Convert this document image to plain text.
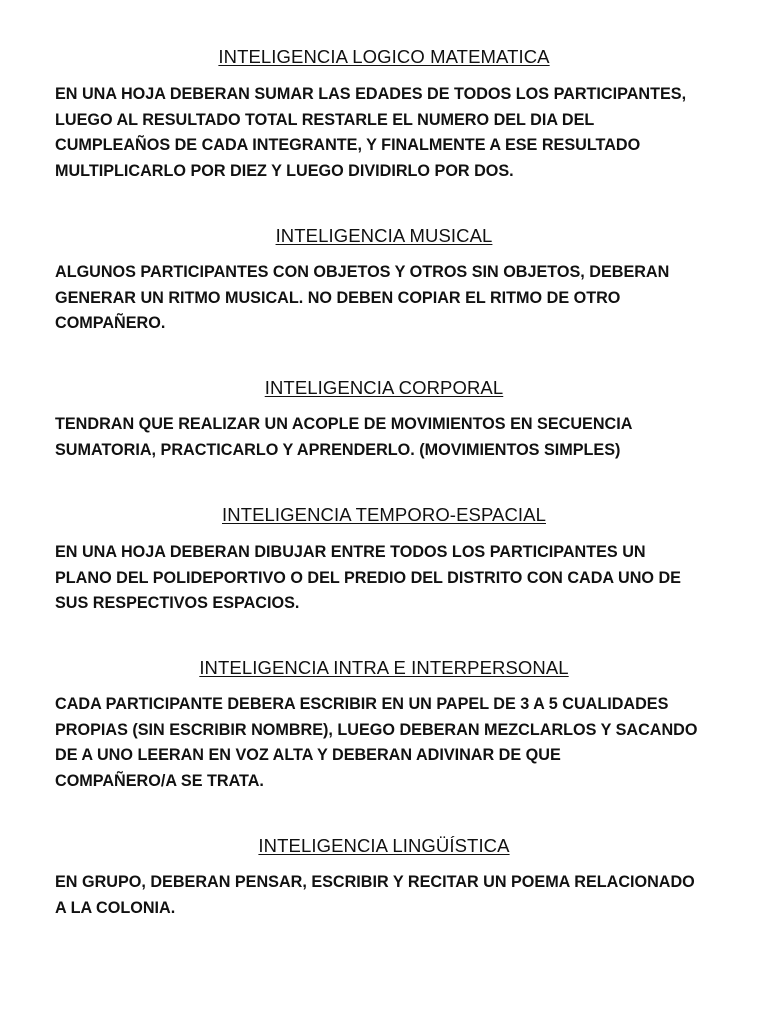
INTELIGENCIA LOGICO MATEMATICA
EN UNA HOJA DEBERAN SUMAR LAS EDADES DE TODOS LOS PARTICIPANTES,
LUEGO AL RESULTADO TOTAL RESTARLE EL NUMERO DEL DIA DEL
CUMPLEAÑOS DE CADA INTEGRANTE, Y FINALMENTE A ESE RESULTADO
MULTIPLICARLO POR DIEZ Y LUEGO DIVIDIRLO POR DOS.
INTELIGENCIA MUSICAL
ALGUNOS PARTICIPANTES CON OBJETOS Y OTROS SIN OBJETOS, DEBERAN
GENERAR UN RITMO MUSICAL. NO DEBEN COPIAR EL RITMO DE OTRO
COMPAÑERO.
INTELIGENCIA CORPORAL
TENDRAN QUE REALIZAR UN ACOPLE DE MOVIMIENTOS EN SECUENCIA
SUMATORIA, PRACTICARLO Y APRENDERLO. (MOVIMIENTOS SIMPLES)
INTELIGENCIA TEMPORO-ESPACIAL
EN UNA HOJA DEBERAN DIBUJAR ENTRE TODOS LOS PARTICIPANTES UN
PLANO DEL POLIDEPORTIVO O DEL PREDIO DEL DISTRITO CON CADA UNO DE
SUS RESPECTIVOS ESPACIOS.
INTELIGENCIA INTRA E INTERPERSONAL
CADA PARTICIPANTE DEBERA ESCRIBIR EN UN PAPEL DE 3 A 5 CUALIDADES
PROPIAS (SIN ESCRIBIR NOMBRE), LUEGO DEBERAN MEZCLARLOS Y SACANDO
DE A UNO LEERAN EN VOZ ALTA Y DEBERAN ADIVINAR DE QUE
COMPAÑERO/A SE TRATA.
INTELIGENCIA LINGÜÍSTICA
EN GRUPO, DEBERAN PENSAR, ESCRIBIR Y RECITAR UN POEMA RELACIONADO
A LA COLONIA.
